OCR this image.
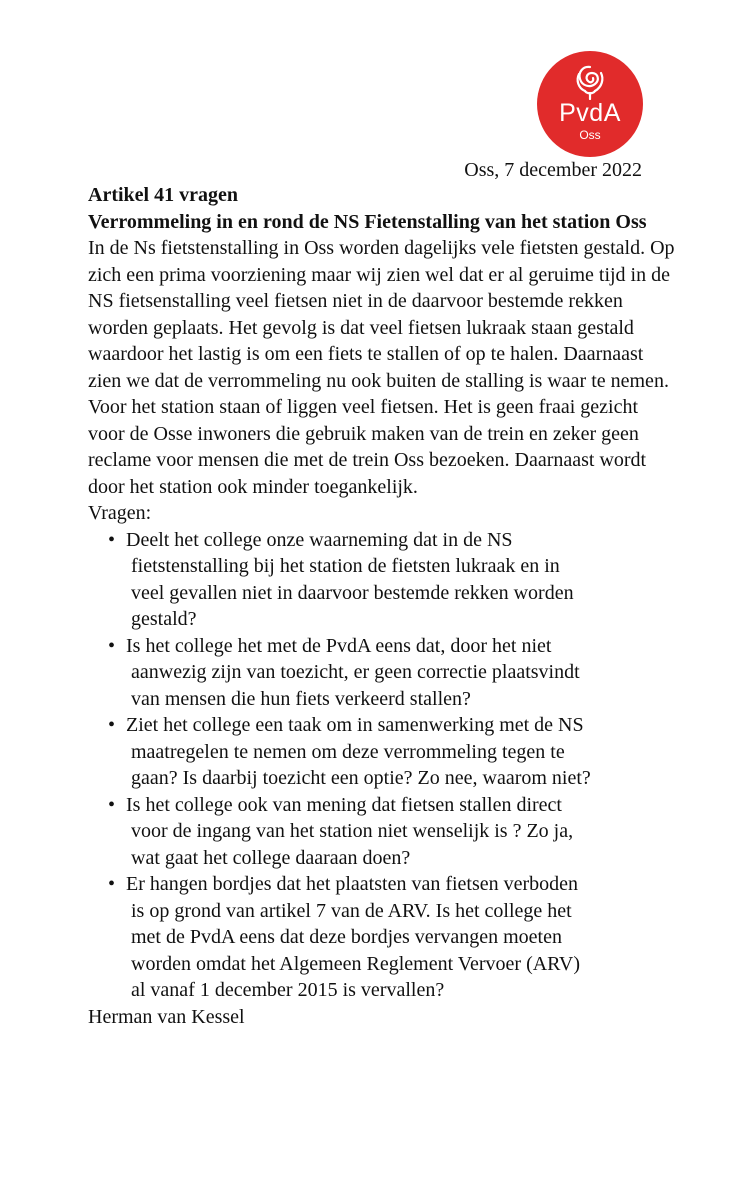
PvdA
Oss
Oss, 7 december 2022
Artikel 41 vragen
Verrommeling in en rond de NS Fietenstalling van het station Oss
In de Ns fietstenstalling in Oss worden dagelijks vele fietsten gestald. Op zich een prima voorziening maar wij zien wel dat er al geruime tijd in de NS fietsenstalling veel fietsen niet in de daarvoor bestemde rekken worden geplaats. Het gevolg is dat veel fietsen lukraak staan gestald waardoor het lastig is om een fiets te stallen of op te halen. Daarnaast zien we dat de verrommeling nu ook buiten de stalling is waar te nemen. Voor het station staan of liggen veel fietsen. Het is geen fraai gezicht voor de Osse inwoners die gebruik maken van de trein en zeker geen reclame voor mensen die met de trein Oss bezoeken. Daarnaast wordt door het station ook minder toegankelijk.
Vragen:
• Deelt het college onze waarneming dat in de NS
fietstenstalling bij het station de fietsten lukraak en in
veel gevallen niet in daarvoor bestemde rekken worden
gestald?
• Is het college het met de PvdA eens dat, door het niet
aanwezig zijn van toezicht, er geen correctie plaatsvindt
van mensen die hun fiets verkeerd stallen?
• Ziet het college een taak om in samenwerking met de NS
maatregelen te nemen om deze verrommeling tegen te
gaan? Is daarbij toezicht een optie? Zo nee, waarom niet?
• Is het college ook van mening dat fietsen stallen direct
voor de ingang van het station niet wenselijk is ? Zo ja,
wat gaat het college daaraan doen?
• Er hangen bordjes dat het plaatsten van fietsen verboden
is op grond van artikel 7 van de ARV. Is het college het
met de PvdA eens dat deze bordjes vervangen moeten
worden omdat het Algemeen Reglement Vervoer (ARV)
al vanaf 1 december 2015 is vervallen?
Herman van Kessel
